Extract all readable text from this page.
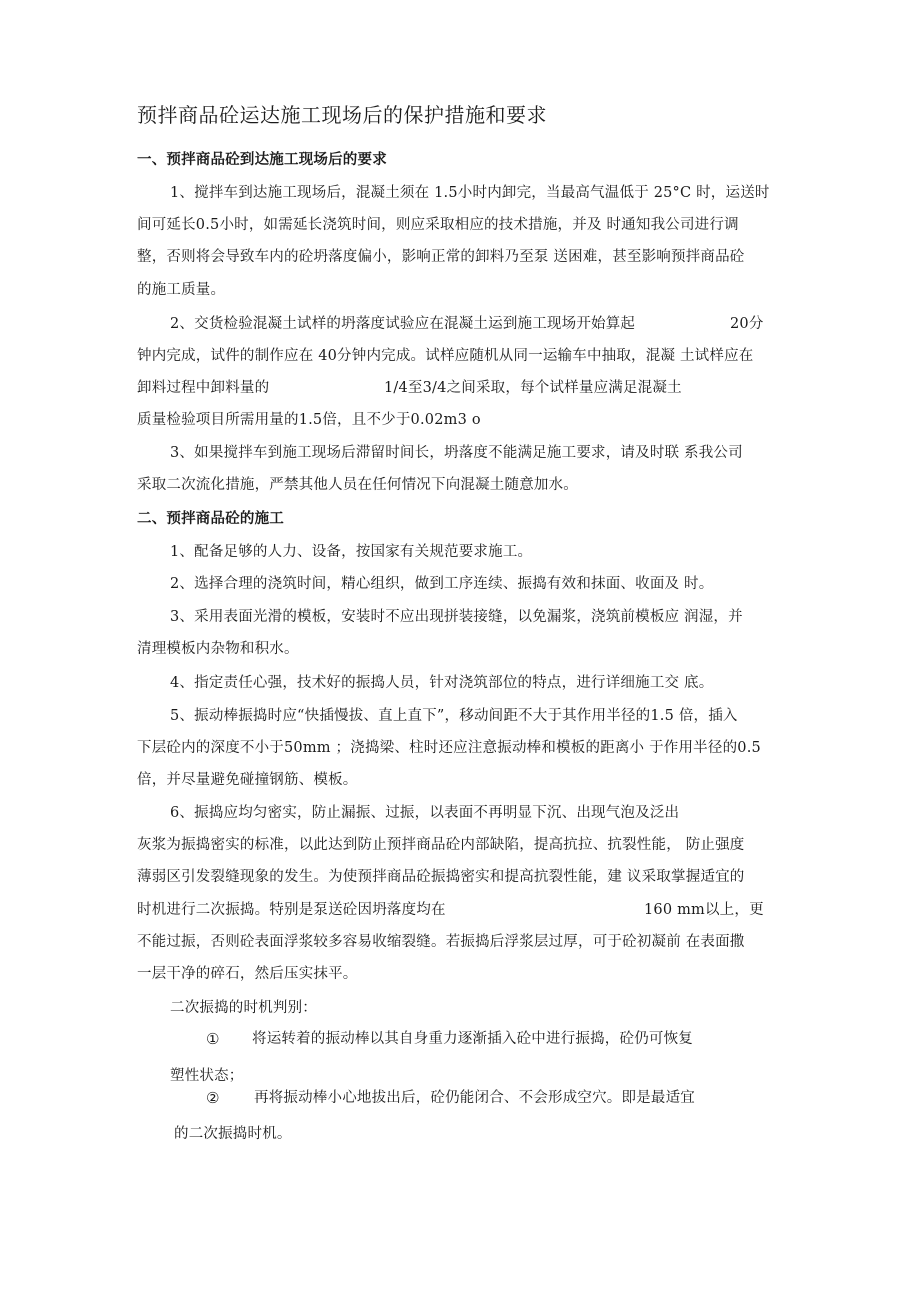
预拌商品砼运达施工现场后的保护措施和要求
一、预拌商品砼到达施工现场后的要求
1、搅拌车到达施工现场后，混凝土须在 1.5小时内卸完，当最高气温低于 25°C 时，运送时
间可延长0.5小时，如需延长浇筑时间，则应采取相应的技术措施，并及 时通知我公司进行调
整，否则将会导致车内的砼坍落度偏小，影响正常的卸料乃至泵 送困难，甚至影响预拌商品砼
的施工质量。
2、交货检验混凝土试样的坍落度试验应在混凝土运到施工现场开始算起	20分
钟内完成，试件的制作应在 40分钟内完成。试样应随机从同一运输车中抽取，混凝 土试样应在
卸料过程中卸料量的	1/4至3/4之间采取，每个试样量应满足混凝土
质量检验项目所需用量的1.5倍，且不少于0.02m3 o
3、如果搅拌车到施工现场后滞留时间长，坍落度不能满足施工要求，请及时联 系我公司
采取二次流化措施，严禁其他人员在任何情况下向混凝土随意加水。
二、预拌商品砼的施工
1、配备足够的人力、设备，按国家有关规范要求施工。
2、选择合理的浇筑时间，精心组织，做到工序连续、振捣有效和抹面、收面及 时。
3、采用表面光滑的模板，安装时不应出现拼装接缝，以免漏浆，浇筑前模板应 润湿，并
清理模板内杂物和积水。
4、指定责任心强，技术好的振捣人员，针对浇筑部位的特点，进行详细施工交 底。
5、振动棒振捣时应“快插慢拔、直上直下”，移动间距不大于其作用半径的1.5 倍，插入
下层砼内的深度不小于50mm ；浇捣梁、柱时还应注意振动棒和模板的距离小 于作用半径的0.5
倍，并尽量避免碰撞钢筋、模板。
6、振捣应均匀密实，防止漏振、过振，以表面不再明显下沉、出现气泡及泛出
灰浆为振捣密实的标准，以此达到防止预拌商品砼内部缺陷，提高抗拉、抗裂性能， 防止强度
薄弱区引发裂缝现象的发生。为使预拌商品砼振捣密实和提高抗裂性能，建 议采取掌握适宜的
时机进行二次振捣。特别是泵送砼因坍落度均在	160 mm以上，更
不能过振，否则砼表面浮浆较多容易收缩裂缝。若振捣后浮浆层过厚，可于砼初凝前 在表面撒
一层干净的碎石，然后压实抹平。
二次振捣的时机判别：
① 将运转着的振动棒以其自身重力逐渐插入砼中进行振捣，砼仍可恢复
塑性状态；
② 再将振动棒小心地拔出后，砼仍能闭合、不会形成空穴。即是最适宜
的二次振捣时机。
